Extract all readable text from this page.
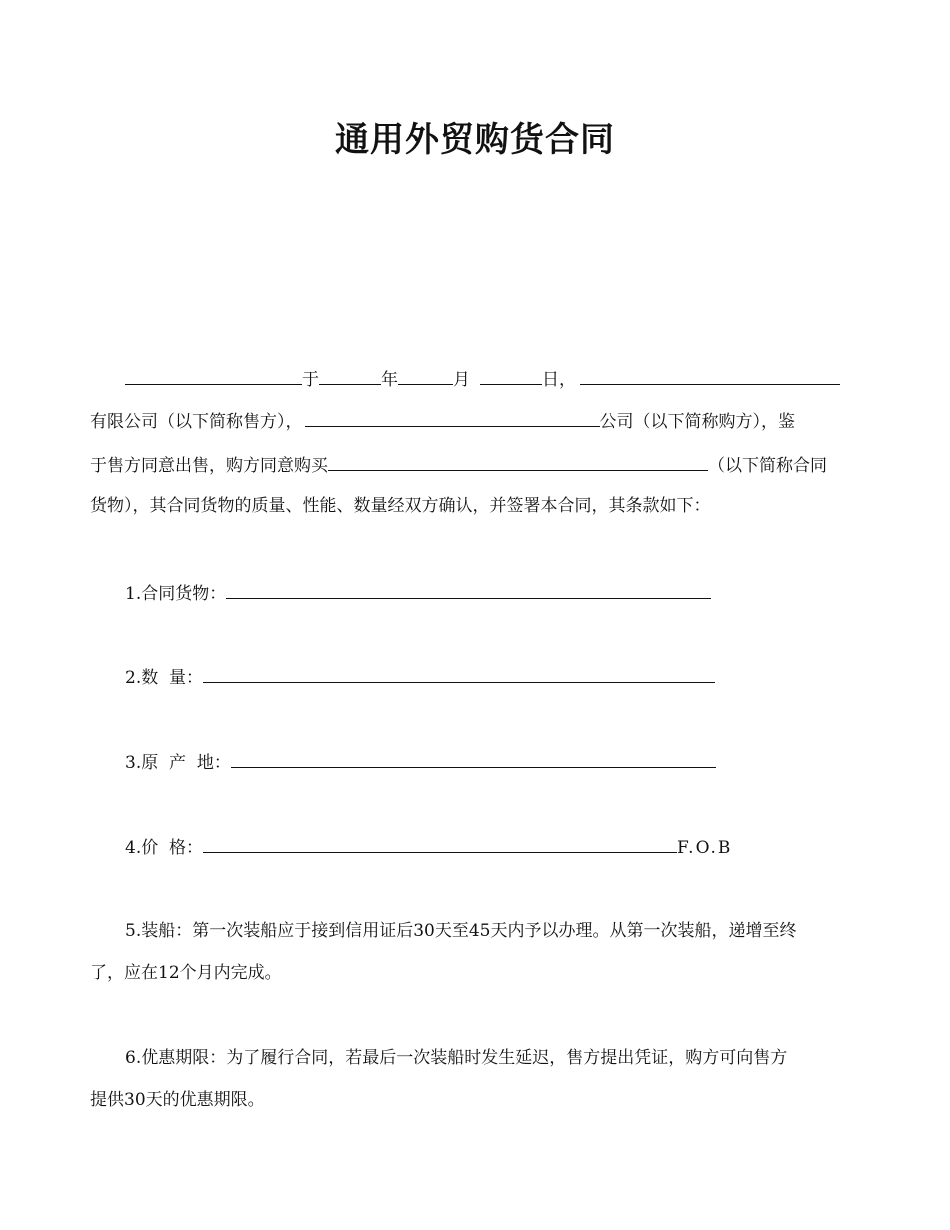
通用外贸购货合同
于	年	月	日，
有限公司（以下简称售方），	公司（以下简称购方），鉴
于售方同意出售，购方同意购买	（以下简称合同
货物），其合同货物的质量、性能、数量经双方确认，并签署本合同，其条款如下：
1.合同货物：
2.数  量：
3.原  产  地：
4.价  格：	F.O.B
5.装船：第一次装船应于接到信用证后30天至45天内予以办理。从第一次装船，递增至终
了，应在12个月内完成。
6.优惠期限：为了履行合同，若最后一次装船时发生延迟，售方提出凭证，购方可向售方
提供30天的优惠期限。
